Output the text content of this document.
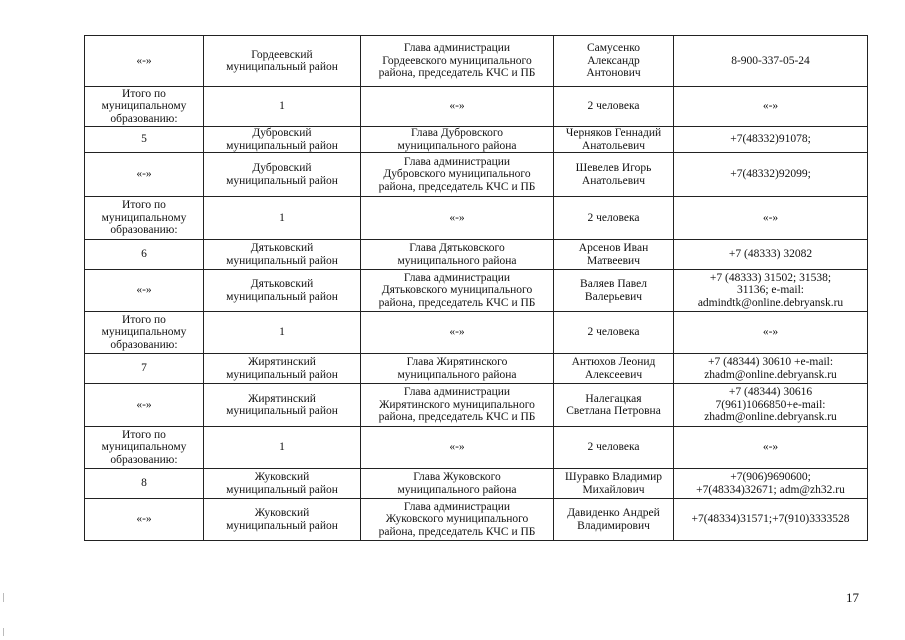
«-»	Гордеевский
муниципальный район	Глава администрации
Гордеевского муниципального
района, председатель КЧС и ПБ	Самусенко
Александр
Антонович	8-900-337-05-24

Итого по
муниципальному
образованию:	1	«-»	2 человека	«-»

5	Дубровский
муниципальный район	Глава Дубровского
муниципального района	Черняков Геннадий
Анатольевич	+7(48332)91078;

«-»	Дубровский
муниципальный район	Глава администрации
Дубровского муниципального
района, председатель КЧС и ПБ	Шевелев Игорь
Анатольевич	+7(48332)92099;

Итого по
муниципальному
образованию:	1	«-»	2 человека	«-»

6	Дятьковский
муниципальный район	Глава Дятьковского
муниципального района	Арсенов Иван
Матвеевич	+7 (48333) 32082

«-»	Дятьковский
муниципальный район	Глава администрации
Дятьковского муниципального
района, председатель КЧС и ПБ	Валяев Павел
Валерьевич	+7 (48333) 31502; 31538;
31136; e-mail:
admindtk@online.debryansk.ru

Итого по
муниципальному
образованию:	1	«-»	2 человека	«-»

7	Жирятинский
муниципальный район	Глава Жирятинского
муниципального района	Антюхов Леонид
Алексеевич	+7 (48344) 30610 +e-mail:
zhadm@online.debryansk.ru

«-»	Жирятинский
муниципальный район	Глава администрации
Жирятинского муниципального
района, председатель КЧС и ПБ	Налегацкая
Светлана Петровна	+7 (48344) 30616
7(961)1066850+e-mail:
zhadm@online.debryansk.ru

Итого по
муниципальному
образованию:	1	«-»	2 человека	«-»

8	Жуковский
муниципальный район	Глава Жуковского
муниципального района	Шуравко Владимир
Михайлович	+7(906)9690600;
+7(48334)32671; adm@zh32.ru

«-»	Жуковский
муниципальный район	Глава администрации
Жуковского муниципального
района, председатель КЧС и ПБ	Давиденко Андрей
Владимирович	+7(48334)31571;+7(910)3333528
17
